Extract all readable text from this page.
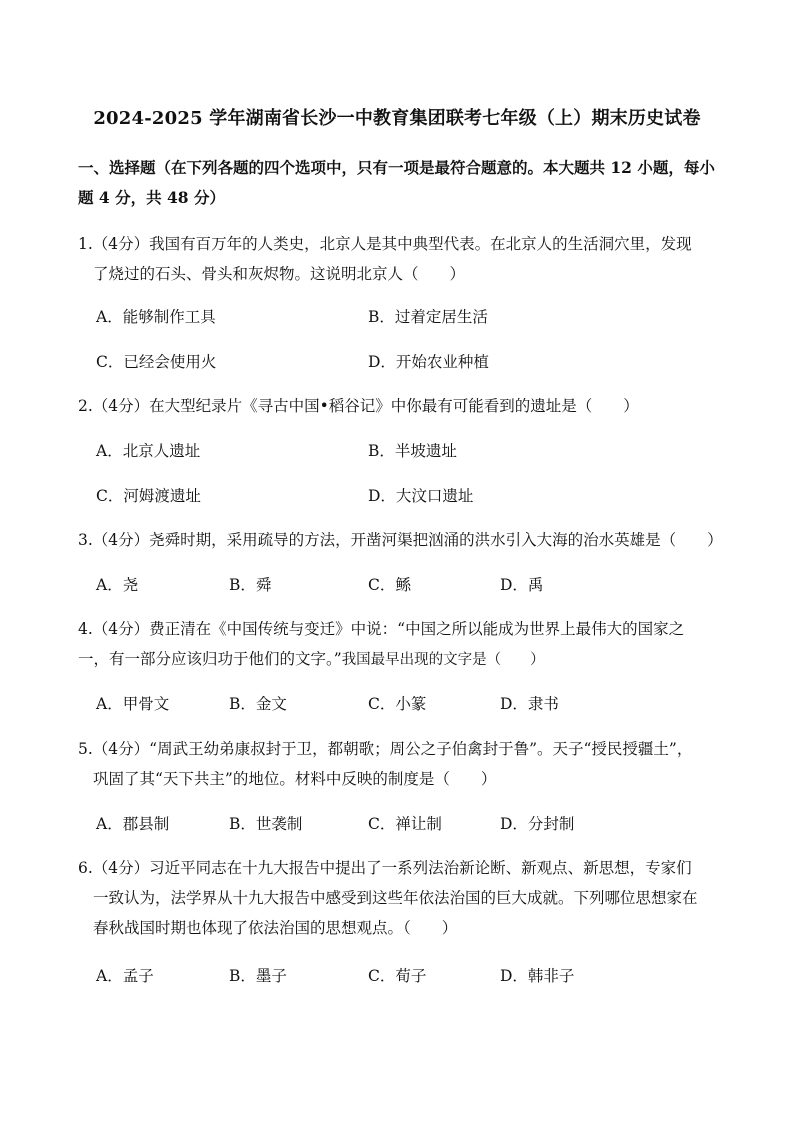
2024-2025 学年湖南省长沙一中教育集团联考七年级（上）期末历史试卷
一、选择题（在下列各题的四个选项中，只有一项是最符合题意的。本大题共 12 小题，每小
题 4 分，共 48 分）
1.（4分）我国有百万年的人类史，北京人是其中典型代表。在北京人的生活洞穴里，发现
了烧过的石头、骨头和灰烬物。这说明北京人（　　）
A．能够制作工具	B．过着定居生活
C．已经会使用火	D．开始农业种植
2.（4分）在大型纪录片《寻古中国•稻谷记》中你最有可能看到的遗址是（　　）
A．北京人遗址	B．半坡遗址
C．河姆渡遗址	D．大汶口遗址
3.（4分）尧舜时期，采用疏导的方法，开凿河渠把汹涌的洪水引入大海的治水英雄是（　　）
A．尧	B．舜	C．鲧	D．禹
4.（4分）费正清在《中国传统与变迁》中说：“中国之所以能成为世界上最伟大的国家之
一，有一部分应该归功于他们的文字。”我国最早出现的文字是（　　）
A．甲骨文	B．金文	C．小篆	D．隶书
5.（4分）“周武王幼弟康叔封于卫，都朝歌；周公之子伯禽封于鲁”。天子“授民授疆土”，
巩固了其“天下共主”的地位。材料中反映的制度是（　　）
A．郡县制	B．世袭制	C．禅让制	D．分封制
6.（4分）习近平同志在十九大报告中提出了一系列法治新论断、新观点、新思想，专家们
一致认为，法学界从十九大报告中感受到这些年依法治国的巨大成就。下列哪位思想家在
春秋战国时期也体现了依法治国的思想观点。（　　）
A．孟子	B．墨子	C．荀子	D．韩非子
